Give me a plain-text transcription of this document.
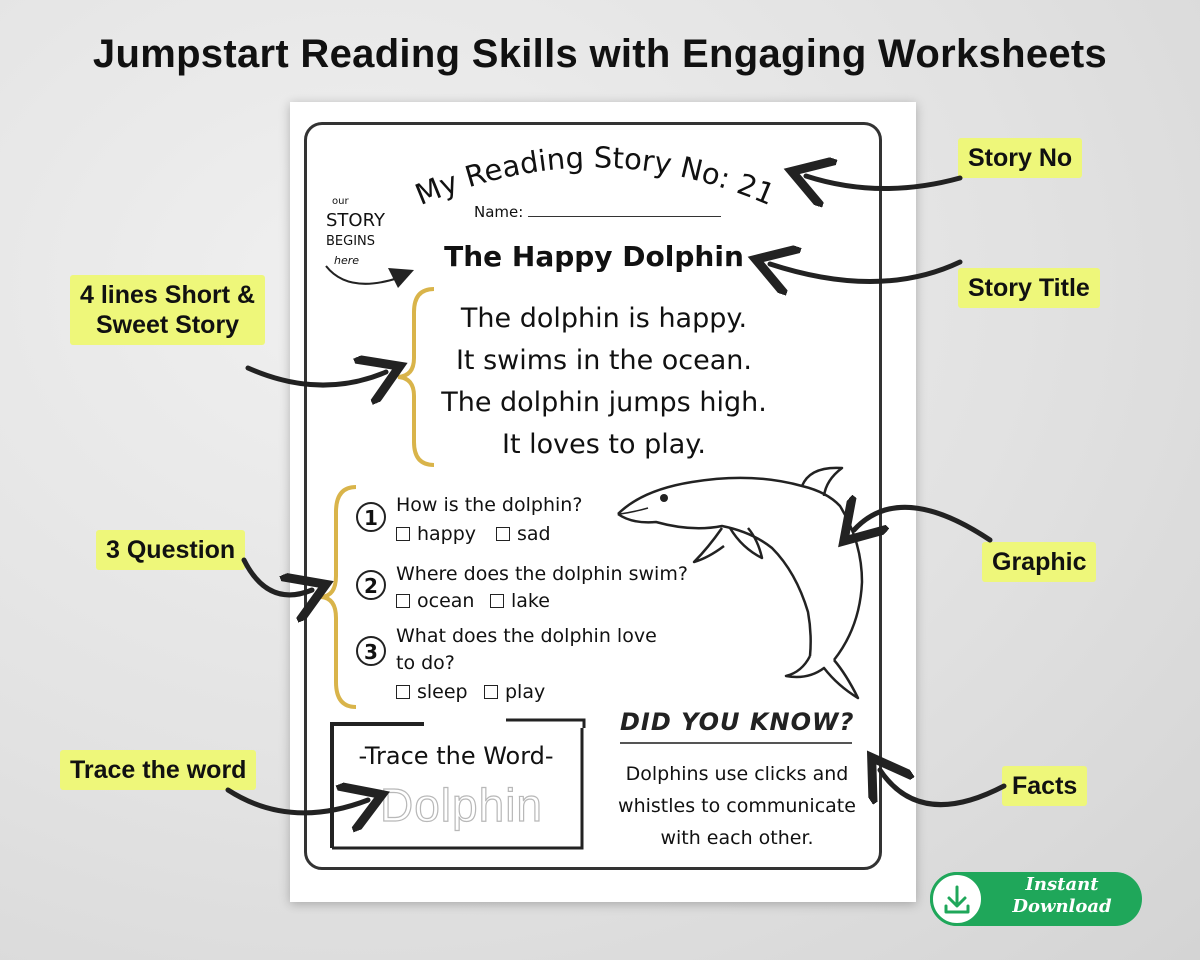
Jumpstart Reading Skills with Engaging Worksheets
My Reading Story No: 21
our
STORY
BEGINS
here
Name:
The Happy Dolphin
The dolphin is happy.
It swims in the ocean.
The dolphin jumps high.
It loves to play.
1
How is the dolphin?
happy	sad
2 Where does the dolphin swim?
ocean	lake
3
What does the dolphin love
to do?
sleep	play
-Trace the Word-
Dolphin
DID YOU KNOW?
Dolphins use clicks and
whistles to communicate
with each other.
Story No
Story Title
4 lines Short &
Sweet Story
3 Question	Graphic
Trace the word
Facts
Instant
Download
